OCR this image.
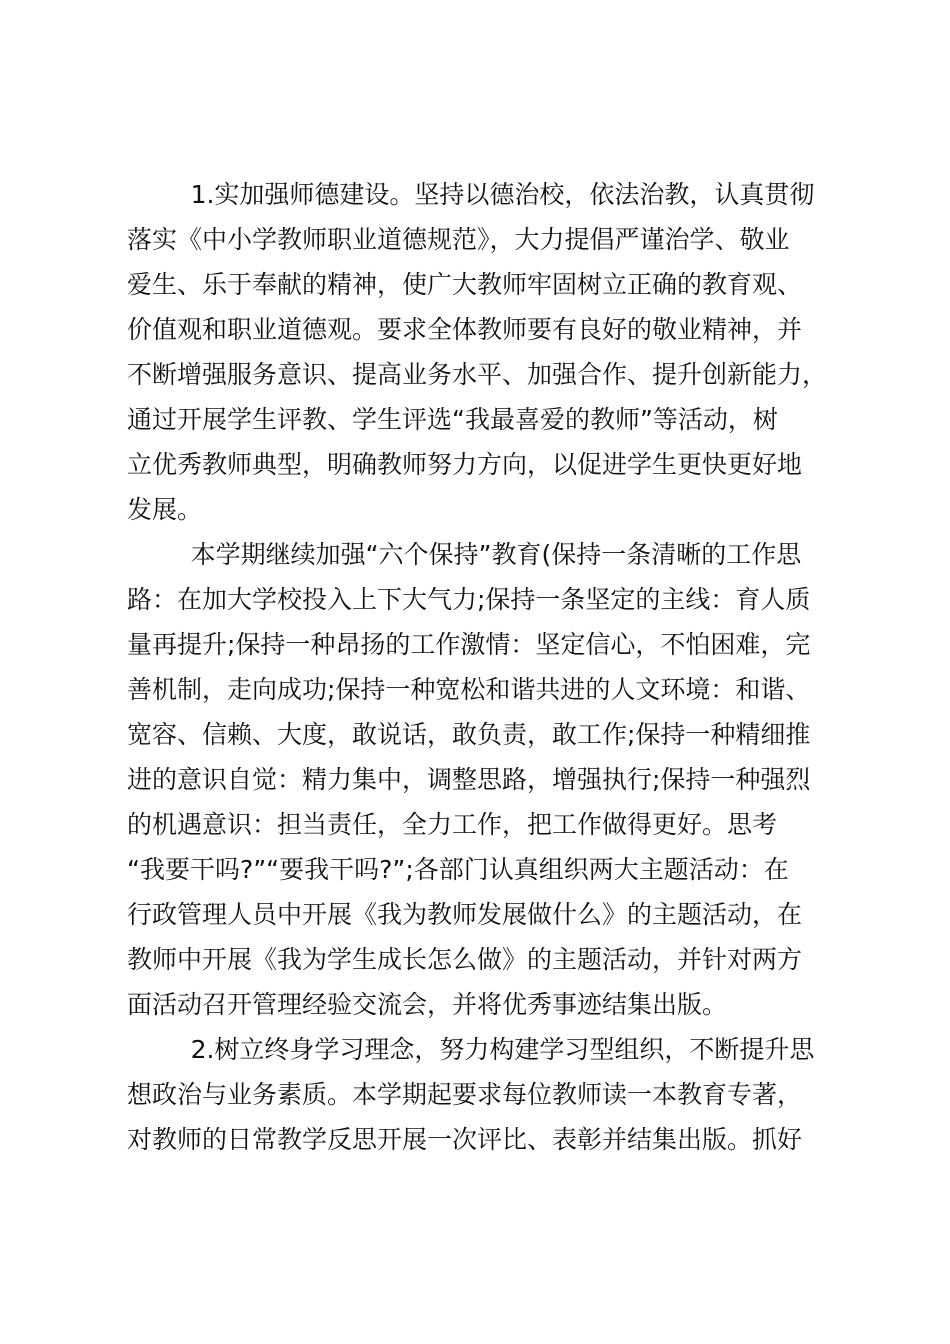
1.实加强师德建设。坚持以德治校，依法治教，认真贯彻
落实《中小学教师职业道德规范》，大力提倡严谨治学、敬业
爱生、乐于奉献的精神，使广大教师牢固树立正确的教育观、
价值观和职业道德观。要求全体教师要有良好的敬业精神，并
不断增强服务意识、提高业务水平、加强合作、提升创新能力，
通过开展学生评教、学生评选“我最喜爱的教师”等活动，树
立优秀教师典型，明确教师努力方向，以促进学生更快更好地
发展。
本学期继续加强“六个保持”教育(保持一条清晰的工作思
路：在加大学校投入上下大气力;保持一条坚定的主线：育人质
量再提升;保持一种昂扬的工作激情：坚定信心，不怕困难，完
善机制，走向成功;保持一种宽松和谐共进的人文环境：和谐、
宽容、信赖、大度，敢说话，敢负责，敢工作;保持一种精细推
进的意识自觉：精力集中，调整思路，增强执行;保持一种强烈
的机遇意识：担当责任，全力工作，把工作做得更好。思考
“我要干吗?”“要我干吗?”;各部门认真组织两大主题活动：在
行政管理人员中开展《我为教师发展做什么》的主题活动，在
教师中开展《我为学生成长怎么做》的主题活动，并针对两方
面活动召开管理经验交流会，并将优秀事迹结集出版。
2.树立终身学习理念，努力构建学习型组织，不断提升思
想政治与业务素质。本学期起要求每位教师读一本教育专著，
对教师的日常教学反思开展一次评比、表彰并结集出版。抓好
